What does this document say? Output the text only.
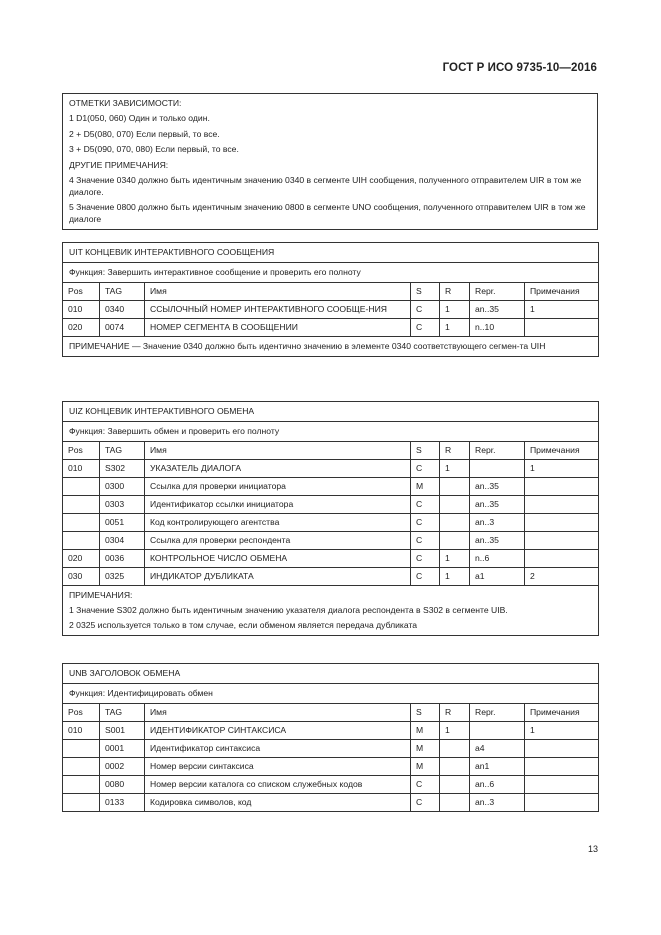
ГОСТ Р ИСО 9735-10—2016
ОТМЕТКИ ЗАВИСИМОСТИ:
1 D1(050, 060) Один и только один.
2 + D5(080, 070) Если первый, то все.
3 + D5(090, 070, 080) Если первый, то все.
ДРУГИЕ ПРИМЕЧАНИЯ:
4 Значение 0340 должно быть идентичным значению 0340 в сегменте UIH сообщения, полученного отправителем UIR в том же диалоге.
5 Значение 0800 должно быть идентичным значению 0800 в сегменте UNO сообщения, полученного отправителем UIR в том же диалоге
UIT КОНЦЕВИК ИНТЕРАКТИВНОГО СООБЩЕНИЯ						
Функция: Завершить интерактивное сообщение и проверить его полноту						
Pos	TAG	Имя	S	R	Repr.	Примечания
010	0340	ССЫЛОЧНЫЙ НОМЕР ИНТЕРАКТИВНОГО СООБЩЕ-НИЯ	C	1	an..35	1
020	0074	НОМЕР СЕГМЕНТА В СООБЩЕНИИ	C	1	n..10	

ПРИМЕЧАНИЕ — Значение 0340 должно быть идентично значению в элементе 0340 соответствующего сегмен-та UIH						
UIZ КОНЦЕВИК ИНТЕРАКТИВНОГО ОБМЕНА						
Функция: Завершить обмен и проверить его полноту						
Pos	TAG	Имя	S	R	Repr.	Примечания
010	S302	УКАЗАТЕЛЬ ДИАЛОГА	C	1		1
	0300	Ссылка для проверки инициатора	M		an..35	
	0303	Идентификатор ссылки инициатора	C		an..35	
	0051	Код контролирующего агентства	C		an..3	
	0304	Ссылка для проверки респондента	C		an..35	
020	0036	КОНТРОЛЬНОЕ ЧИСЛО ОБМЕНА	C	1	n..6	
030	0325	ИНДИКАТОР ДУБЛИКАТА	C	1	a1	2

ПРИМЕЧАНИЯ:
1 Значение S302 должно быть идентичным значению указателя диалога респондента в S302 в сегменте UIB.
2 0325 используется только в том случае, если обменом является передача дубликата						
UNB ЗАГОЛОВОК ОБМЕНА						
Функция: Идентифицировать обмен						
Pos	TAG	Имя	S	R	Repr.	Примечания
010	S001	ИДЕНТИФИКАТОР СИНТАКСИСА	M	1		1
	0001	Идентификатор синтаксиса	M		a4	
	0002	Номер версии синтаксиса	M		an1	
	0080	Номер версии каталога со списком служебных кодов	C		an..6	
	0133	Кодировка символов, код	C		an..3	
13
